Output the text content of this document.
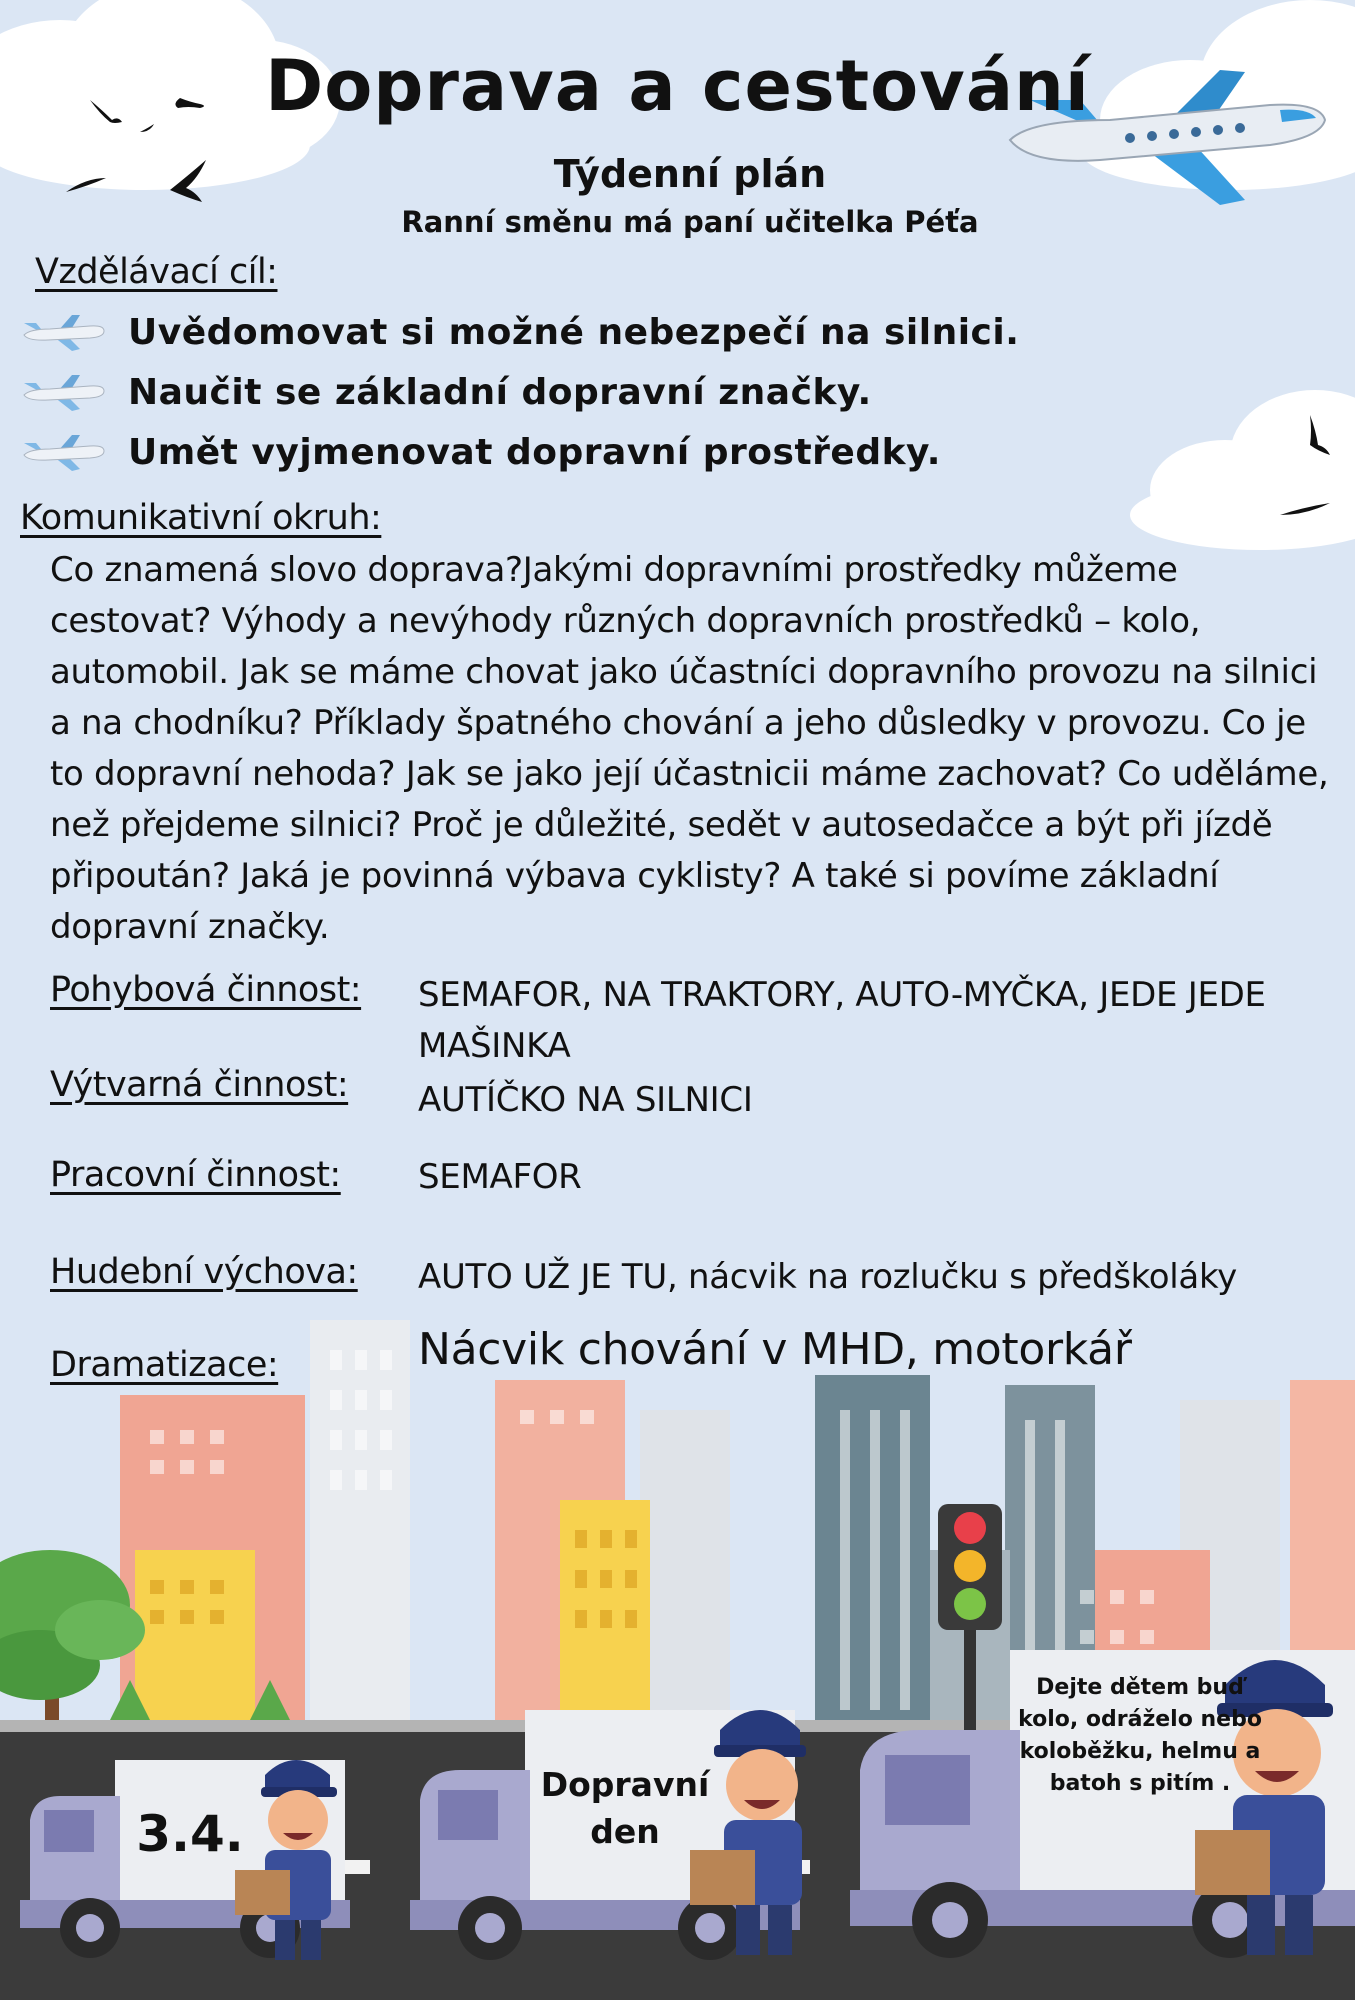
Doprava a cestování
Týdenní plán
Ranní směnu má paní učitelka Péťa
Vzdělávací cíl:
Uvědomovat si možné nebezpečí na silnici.
Naučit se základní dopravní značky.
Umět vyjmenovat dopravní prostředky.
Komunikativní okruh:
Co znamená slovo doprava?Jakými dopravními prostředky můžeme cestovat? Výhody a nevýhody různých dopravních prostředků – kolo, automobil. Jak se máme chovat jako účastníci dopravního provozu na silnici a na chodníku? Příklady špatného chování a jeho důsledky v provozu. Co je to dopravní nehoda? Jak se jako její účastnicii máme zachovat? Co uděláme, než přejdeme silnici? Proč je důležité, sedět v autosedačce a být při jízdě připoután? Jaká je povinná výbava cyklisty? A také si povíme základní dopravní značky.
Pohybová činnost: SEMAFOR, NA TRAKTORY, AUTO-MYČKA, JEDE JEDE MAŠINKA
Výtvarná činnost: AUTÍČKO NA SILNICI
Pracovní činnost: SEMAFOR
Hudební výchova: AUTO UŽ JE TU, nácvik na rozlučku s předškoláky
Dramatizace:	Nácvik chování v MHD, motorkář
3.4.
Dopravní
den
Dejte dětem buď kolo, odráželo nebo koloběžku, helmu a batoh s pitím .
